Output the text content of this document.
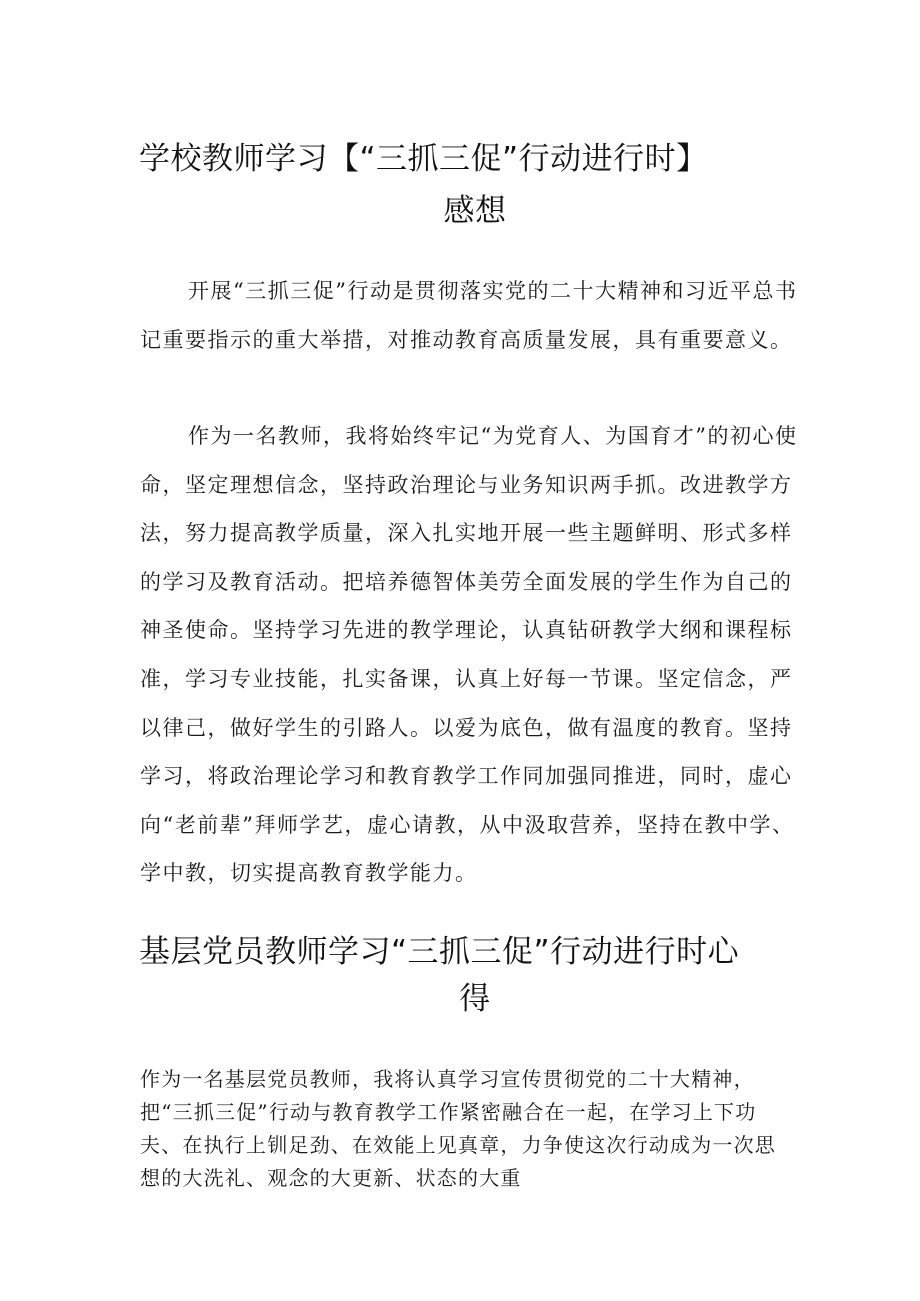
学校教师学习【“三抓三促”行动进行时】
感想

开展“三抓三促”行动是贯彻落实党的二十大精神和习近平总书记重要指示的重大举措，对推动教育高质量发展，具有重要意义。

作为一名教师，我将始终牢记“为党育人、为国育才”的初心使命，坚定理想信念，坚持政治理论与业务知识两手抓。改进教学方法，努力提高教学质量，深入扎实地开展一些主题鲜明、形式多样的学习及教育活动。把培养德智体美劳全面发展的学生作为自己的神圣使命。坚持学习先进的教学理论，认真钻研教学大纲和课程标准，学习专业技能，扎实备课，认真上好每一节课。坚定信念，严以律己，做好学生的引路人。以爱为底色，做有温度的教育。坚持学习，将政治理论学习和教育教学工作同加强同推进，同时，虚心向“老前辈”拜师学艺，虚心请教，从中汲取营养，坚持在教中学、学中教，切实提高教育教学能力。

基层党员教师学习“三抓三促”行动进行时心
得

作为一名基层党员教师，我将认真学习宣传贯彻党的二十大精神，把“三抓三促”行动与教育教学工作紧密融合在一起，在学习上下功夫、在执行上钏足劲、在效能上见真章，力争使这次行动成为一次思想的大洗礼、观念的大更新、状态的大重
